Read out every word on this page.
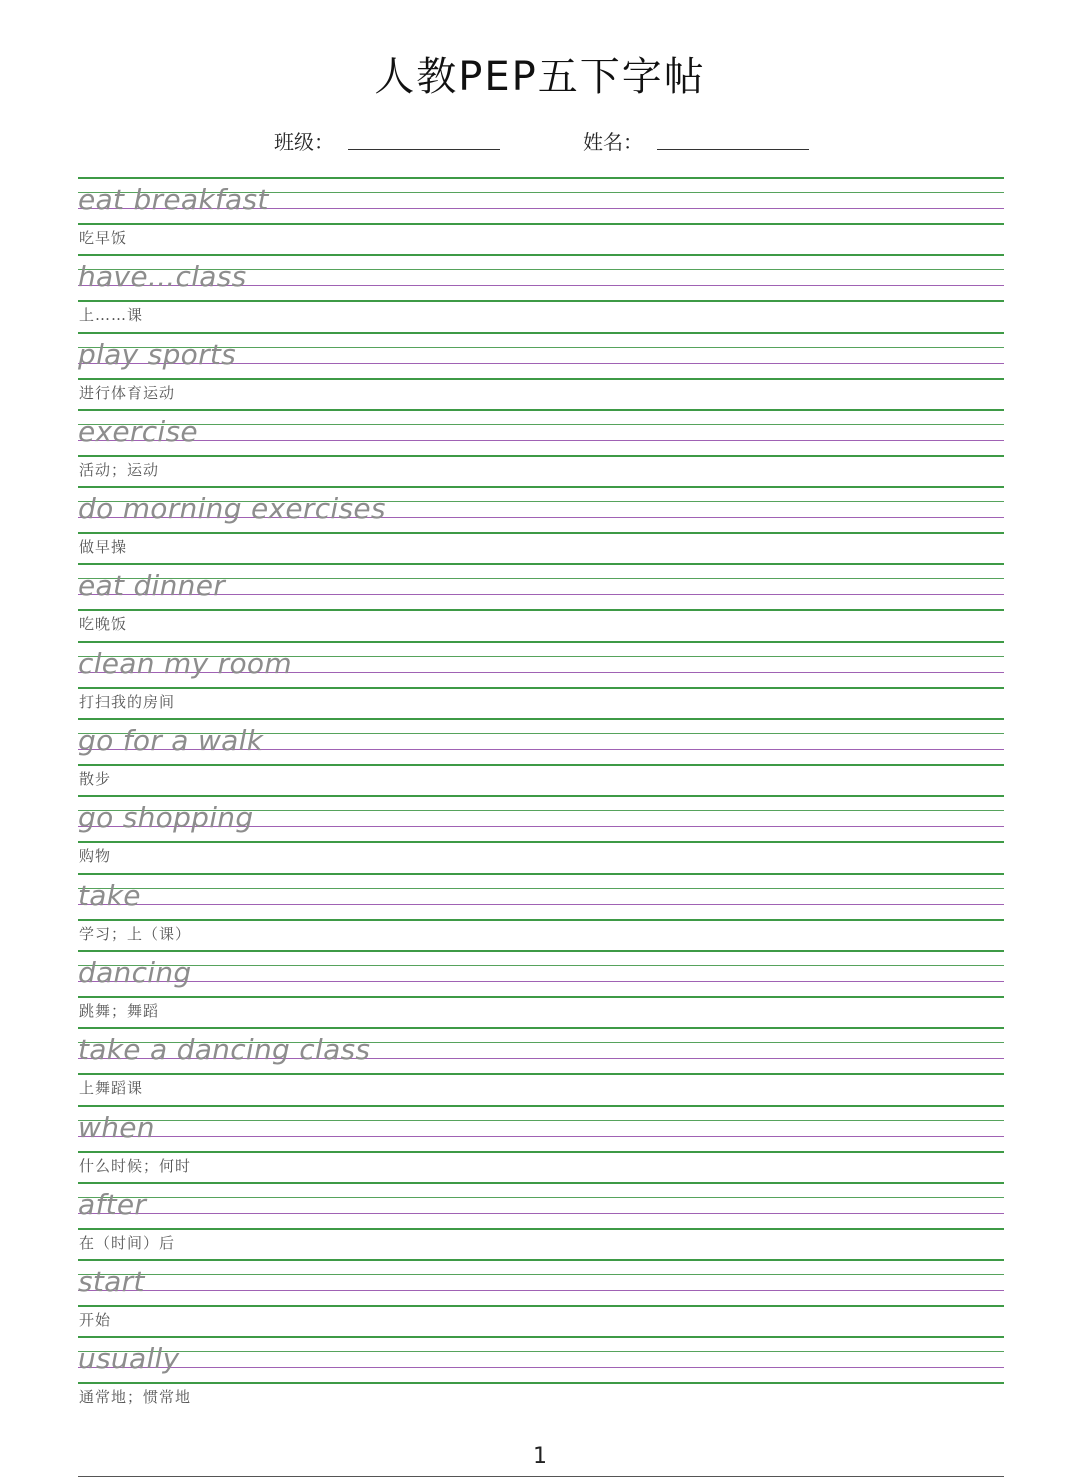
人教PEP五下字帖
班级：	姓名：
eat breakfast
吃早饭
have...class
上……课
play sports
进行体育运动
exercise
活动；运动
do morning exercises
做早操
eat dinner
吃晚饭
clean my room
打扫我的房间
go for a walk
散步
go shopping
购物
take
学习；上（课）
dancing
跳舞；舞蹈
take a dancing class
上舞蹈课
when
什么时候；何时
after
在（时间）后
start
开始
usually
通常地；惯常地
1
